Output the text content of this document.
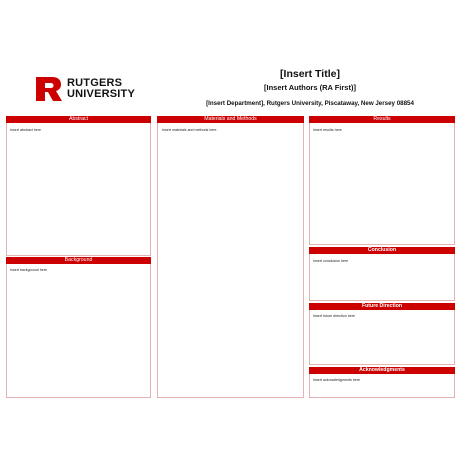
RUTGERS
UNIVERSITY
[Insert Title]
[Insert Authors (RA First)]
[Insert Department], Rutgers University, Piscataway, New Jersey 08854
Abstract
Insert abstract here
Background
Insert background here
Materials and Methods
Insert materials and methods here
Results
Insert results here
Conclusion
Insert conclusion here
Future Direction
Insert future direction here
Acknowledgments
Insert acknowledgments here
